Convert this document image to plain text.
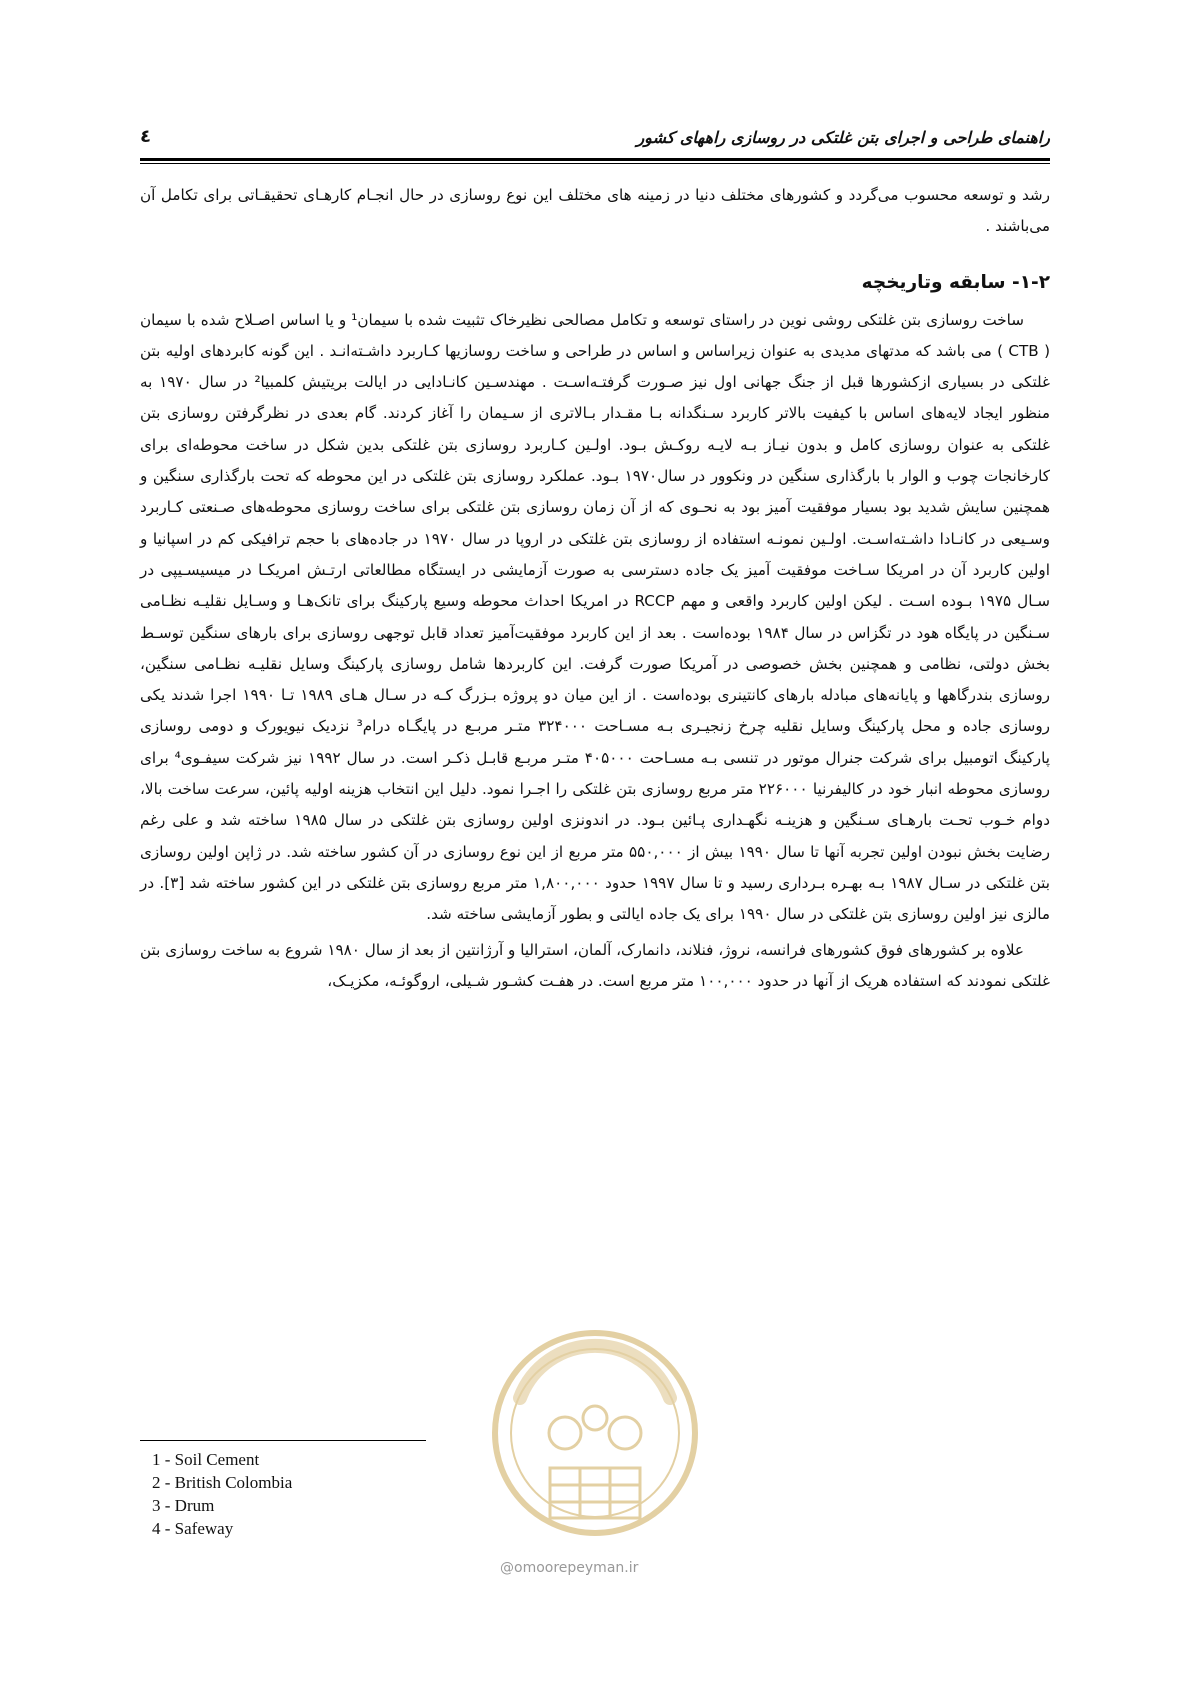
راهنمای طراحی و اجرای بتن غلتکی در روسازی راههای کشور
٤

رشد و توسعه محسوب می‌گردد و کشورهای مختلف دنیا در زمینه های مختلف این نوع روسازی در حال انجـام کارهـای تحقیقـاتی برای تکامل آن می‌باشند .

۱-۲- سابقه وتاریخچه

ساخت روسازی بتن غلتکی روشی نوین در راستای توسعه و تکامل مصالحی نظیرخاک تثبیت شده با سیمان¹ و یا اساس اصـلاح شده با سیمان ( CTB ) می باشد که مدتهای مدیدی به عنوان زیراساس و اساس در طراحی و ساخت روسازیها کـاربرد داشـته‌انـد . این گونه کابردهای اولیه بتن غلتکی در بسیاری ازکشورها قبل از جنگ جهانی اول نیز صـورت گرفتـه‌اسـت . مهندسـین کانـادایی در ایالت بریتیش کلمبیا² در سال ۱۹۷۰ به منظور ایجاد لایه‌های اساس با کیفیت بالاتر کاربرد سـنگدانه بـا مقـدار بـالاتری از سـیمان را آغاز کردند. گام بعدی در نظرگرفتن روسازی بتن غلتکی به عنوان روسازی کامل و بدون نیـاز بـه لایـه روکـش بـود. اولـین کـاربرد روسازی بتن غلتکی بدین شکل در ساخت محوطه‌ای برای کارخانجات چوب و الوار با بارگذاری سنگین در ونکوور در سال۱۹۷۰ بـود. عملکرد روسازی بتن غلتکی در این محوطه که تحت بارگذاری سنگین و همچنین سایش شدید بود بسیار موفقیت آمیز بود به نحـوی که از آن زمان روسازی بتن غلتکی برای ساخت روسازی محوطه‌های صـنعتی کـاربرد وسـیعی در کانـادا داشـته‌اسـت. اولـین نمونـه استفاده از روسازی بتن غلتکی در اروپا در سال ۱۹۷۰ در جاده‌های با حجم ترافیکی کم در اسپانیا و اولین کاربرد آن در امریکا سـاخت موفقیت آمیز یک جاده دسترسی به صورت آزمایشی در ایستگاه مطالعاتی ارتـش امریکـا در میسیسـیپی در سـال ۱۹۷۵ بـوده اسـت . لیکن اولین کاربرد واقعی و مهم RCCP در امریکا احداث محوطه وسیع پارکینگ برای تانک‌هـا و وسـایل نقلیـه نظـامی سـنگین در پایگاه هود در تگزاس در سال ۱۹۸۴ بوده‌است . بعد از این کاربرد موفقیت‌آمیز تعداد قابل توجهی روسازی برای بارهای سنگین توسـط بخش دولتی، نظامی و همچنین بخش خصوصی در آمریکا صورت گرفت. این کاربردها شامل روسازی پارکینگ وسایل نقلیـه نظـامی سنگین، روسازی بندرگاهها و پایانه‌های مبادله بارهای کانتینری بوده‌است . از این میان دو پروژه بـزرگ کـه در سـال هـای ۱۹۸۹ تـا ۱۹۹۰ اجرا شدند یکی روسازی جاده و محل پارکینگ وسایل نقلیه چرخ زنجیـری بـه مسـاحت ۳۲۴۰۰۰ متـر مربـع در پایگـاه درام³ نزدیک نیویورک و دومی روسازی پارکینگ اتومبیل برای شرکت جنرال موتور در تنسی بـه مسـاحت ۴۰۵۰۰۰ متـر مربـع قابـل ذکـر است. در سال ۱۹۹۲ نیز شرکت سیفـوی⁴ برای روسازی محوطه انبار خود در کالیفرنیا ۲۲۶۰۰۰ متر مربع روسازی بتن غلتکی را اجـرا نمود. دلیل این انتخاب هزینه اولیه پائین، سرعت ساخت بالا، دوام خـوب تحـت بارهـای سـنگین و هزینـه نگهـداری پـائین بـود. در اندونزی اولین روسازی بتن غلتکی در سال ۱۹۸۵ ساخته شد و علی رغم رضایت بخش نبودن اولین تجربه آنها تا سال ۱۹۹۰ بیش از ۵۵۰,۰۰۰ متر مربع از این نوع روسازی در آن کشور ساخته شد. در ژاپن اولین روسازی بتن غلتکی در سـال ۱۹۸۷ بـه بهـره بـرداری رسید و تا سال ۱۹۹۷ حدود ۱,۸۰۰,۰۰۰ متر مربع روسازی بتن غلتکی در این کشور ساخته شد [۳]. در مالزی نیز اولین روسازی بتن غلتکی در سال ۱۹۹۰ برای یک جاده ایالتی و بطور آزمایشی ساخته شد.

علاوه بر کشورهای فوق کشورهای فرانسه، نروژ، فنلاند، دانمارک، آلمان، استرالیا و آرژانتین از بعد از سال ۱۹۸۰ شروع به ساخت روسازی بتن غلتکی نمودند که استفاده هریک از آنها در حدود ۱۰۰,۰۰۰ متر مربع است. در هفـت کشـور شـیلی، اروگوئـه، مکزیـک،

@omoorepeyman.ir
1 - Soil Cement
2 - British Colombia
3 - Drum
4 - Safeway
